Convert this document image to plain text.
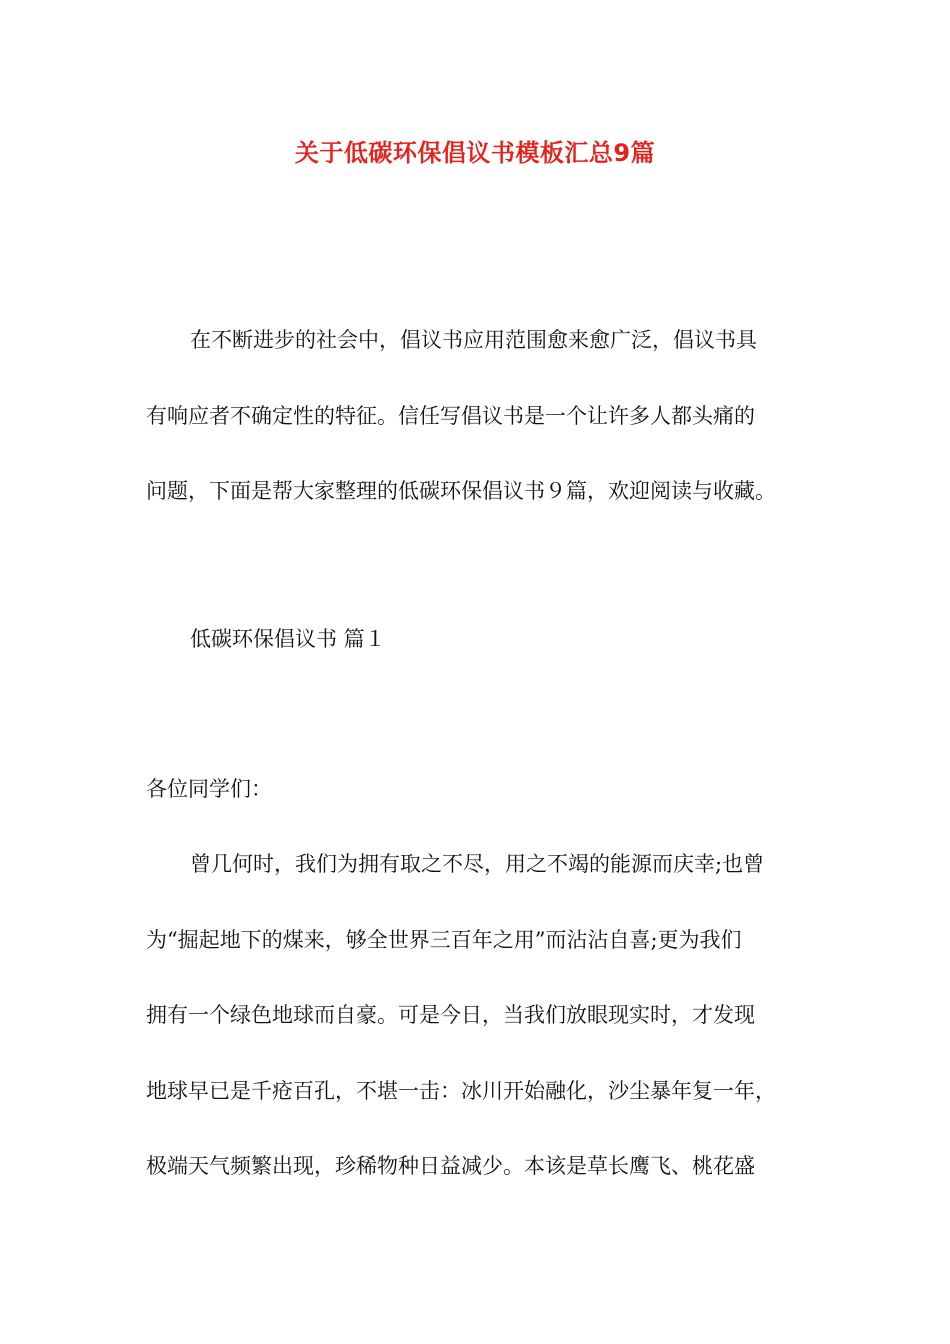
关于低碳环保倡议书模板汇总9篇
在不断进步的社会中，倡议书应用范围愈来愈广泛，倡议书具
有响应者不确定性的特征。信任写倡议书是一个让许多人都头痛的
问题，下面是帮大家整理的低碳环保倡议书９篇，欢迎阅读与收藏。
低碳环保倡议书 篇１
各位同学们：
曾几何时，我们为拥有取之不尽，用之不竭的能源而庆幸;也曾
为“掘起地下的煤来，够全世界三百年之用”而沾沾自喜;更为我们
拥有一个绿色地球而自豪。可是今日，当我们放眼现实时，才发现
地球早已是千疮百孔，不堪一击：冰川开始融化，沙尘暴年复一年，
极端天气频繁出现，珍稀物种日益减少。本该是草长鹰飞、桃花盛
